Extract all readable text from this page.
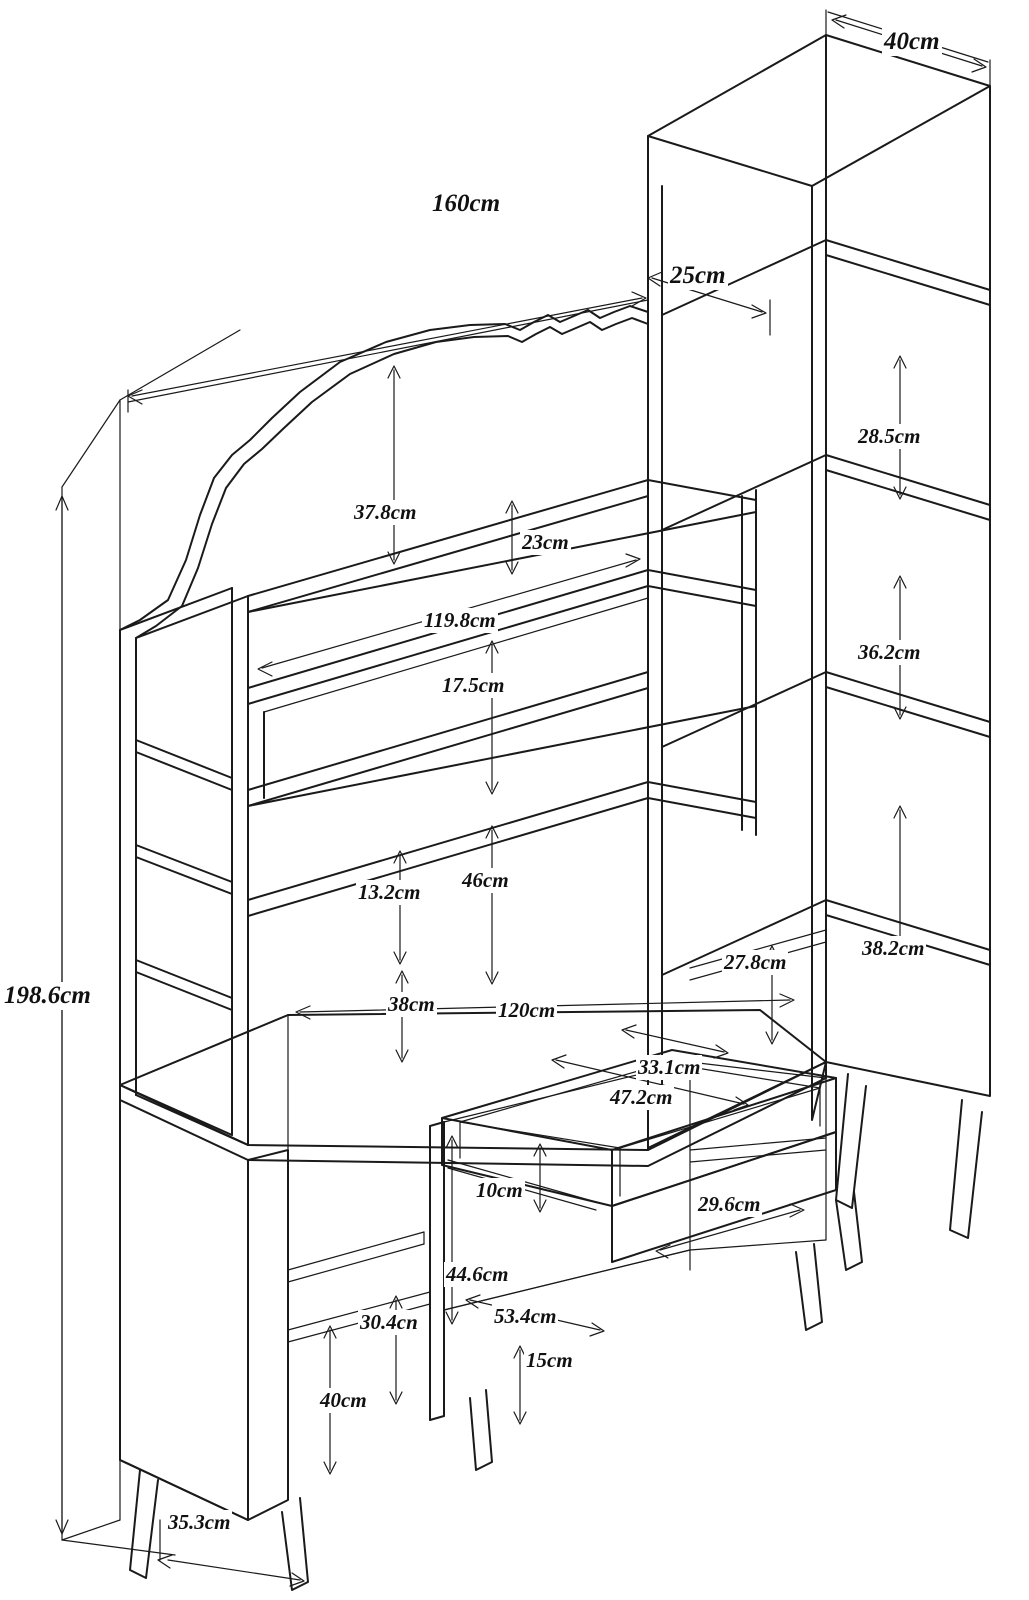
40cm
160cm
25cm
198.6cm
37.8cm
23cm
119.8cm
17.5cm
28.5cm
36.2cm
38.2cm
13.2cm 46cm
38cm	120cm
27.8cm
33.1cm
47.2cm
10cm
29.6cm
44.6cm
53.4cm
30.4cn
40cm
15cm
35.3cm
